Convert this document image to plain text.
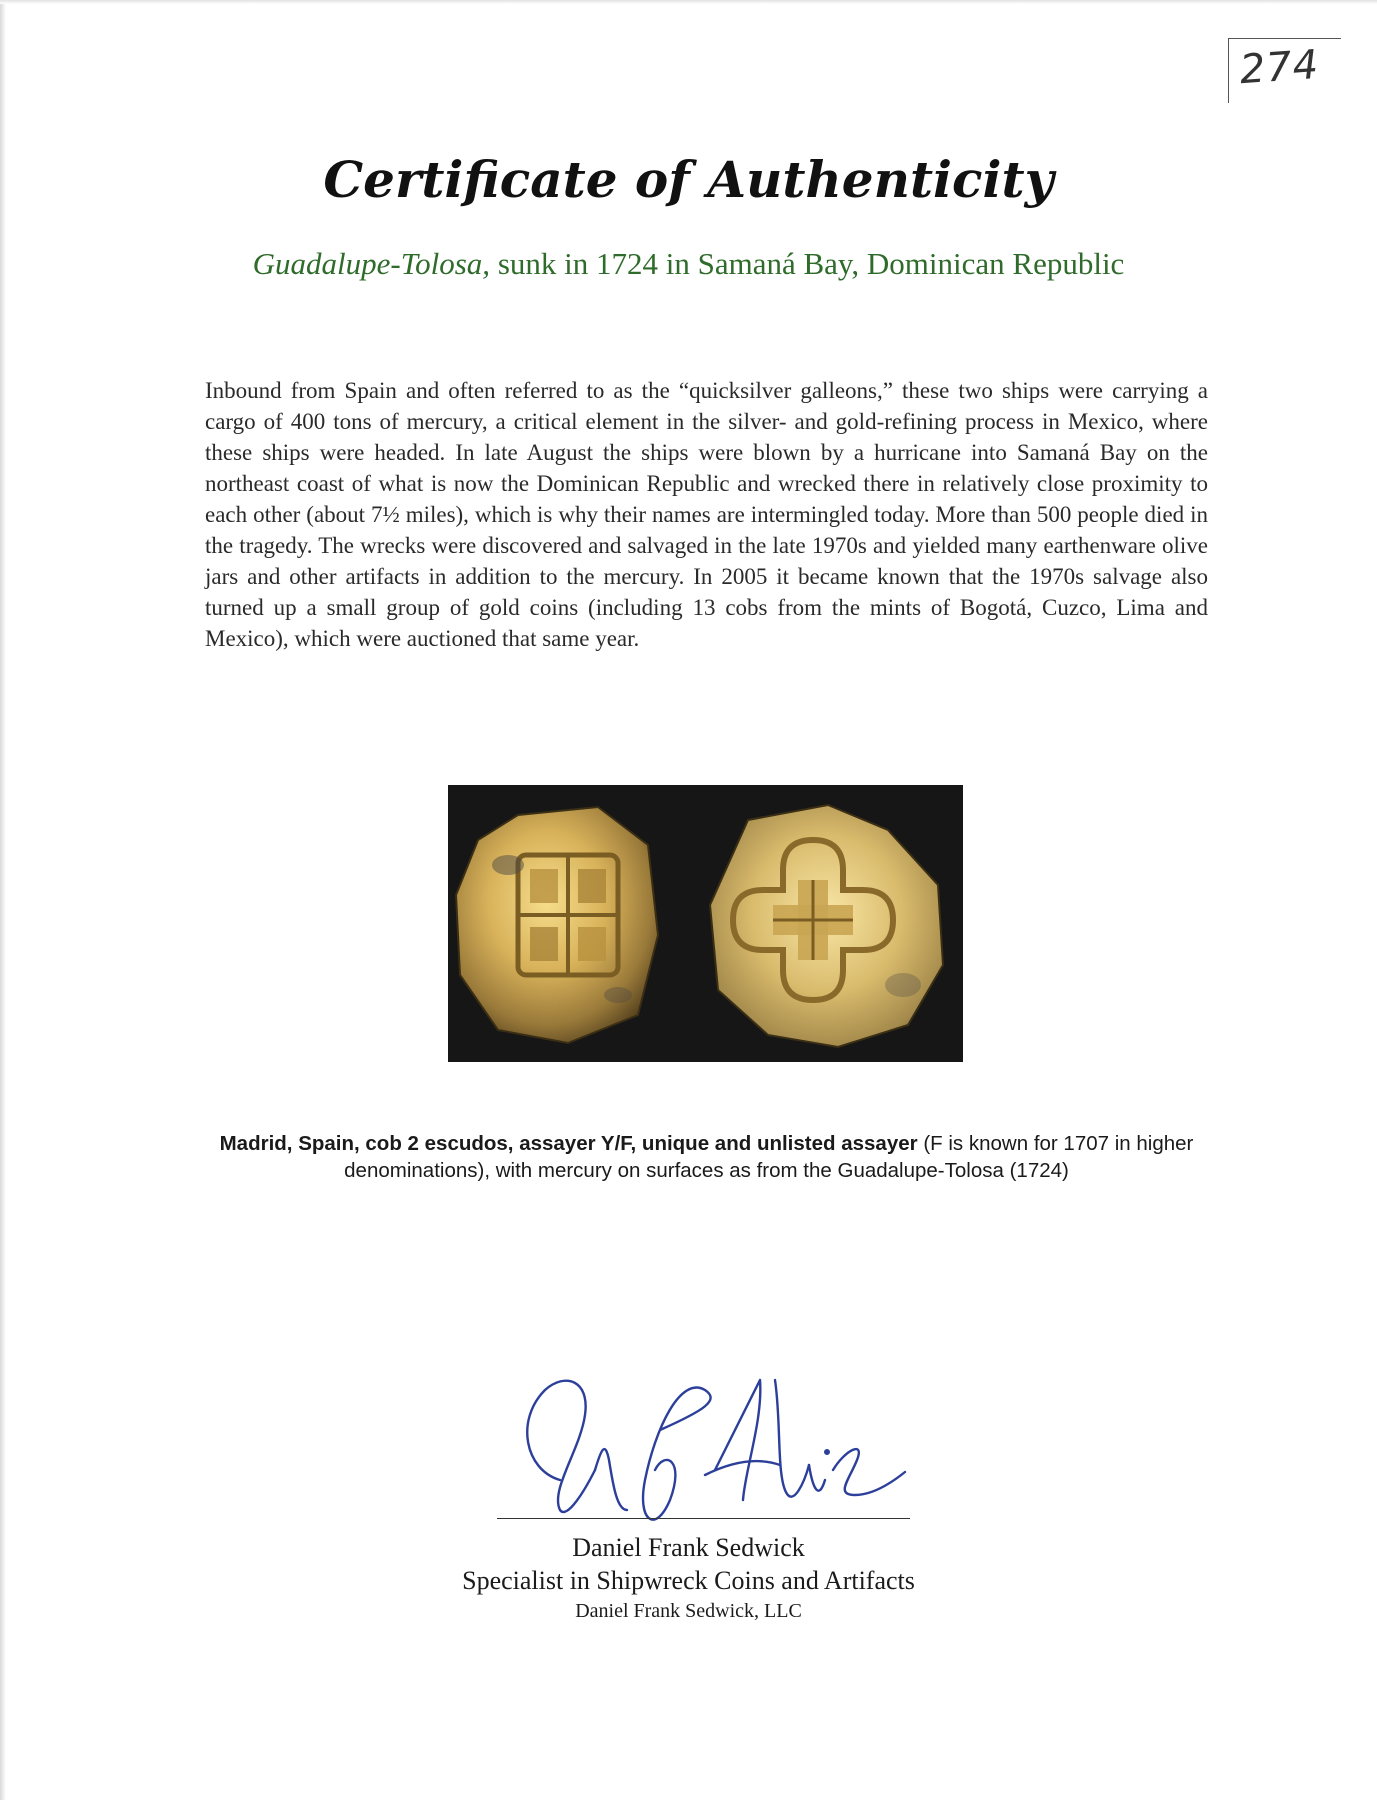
274
Certificate of Authenticity
Guadalupe-Tolosa, sunk in 1724 in Samaná Bay, Dominican Republic

Inbound from Spain and often referred to as the “quicksilver galleons,” these two ships were carrying a cargo of 400 tons of mercury, a critical element in the silver- and gold-refining process in Mexico, where these ships were headed. In late August the ships were blown by a hurricane into Samaná Bay on the northeast coast of what is now the Dominican Republic and wrecked there in relatively close proximity to each other (about 7½ miles), which is why their names are intermingled today. More than 500 people died in the tragedy. The wrecks were discovered and salvaged in the late 1970s and yielded many earthenware olive jars and other artifacts in addition to the mercury. In 2005 it became known that the 1970s salvage also turned up a small group of gold coins (including 13 cobs from the mints of Bogotá, Cuzco, Lima and Mexico), which were auctioned that same year.

Madrid, Spain, cob 2 escudos, assayer Y/F, unique and unlisted assayer (F is known for 1707 in higher denominations), with mercury on surfaces as from the Guadalupe-Tolosa (1724)

Daniel Frank Sedwick

Specialist in Shipwreck Coins and Artifacts

Daniel Frank Sedwick, LLC
